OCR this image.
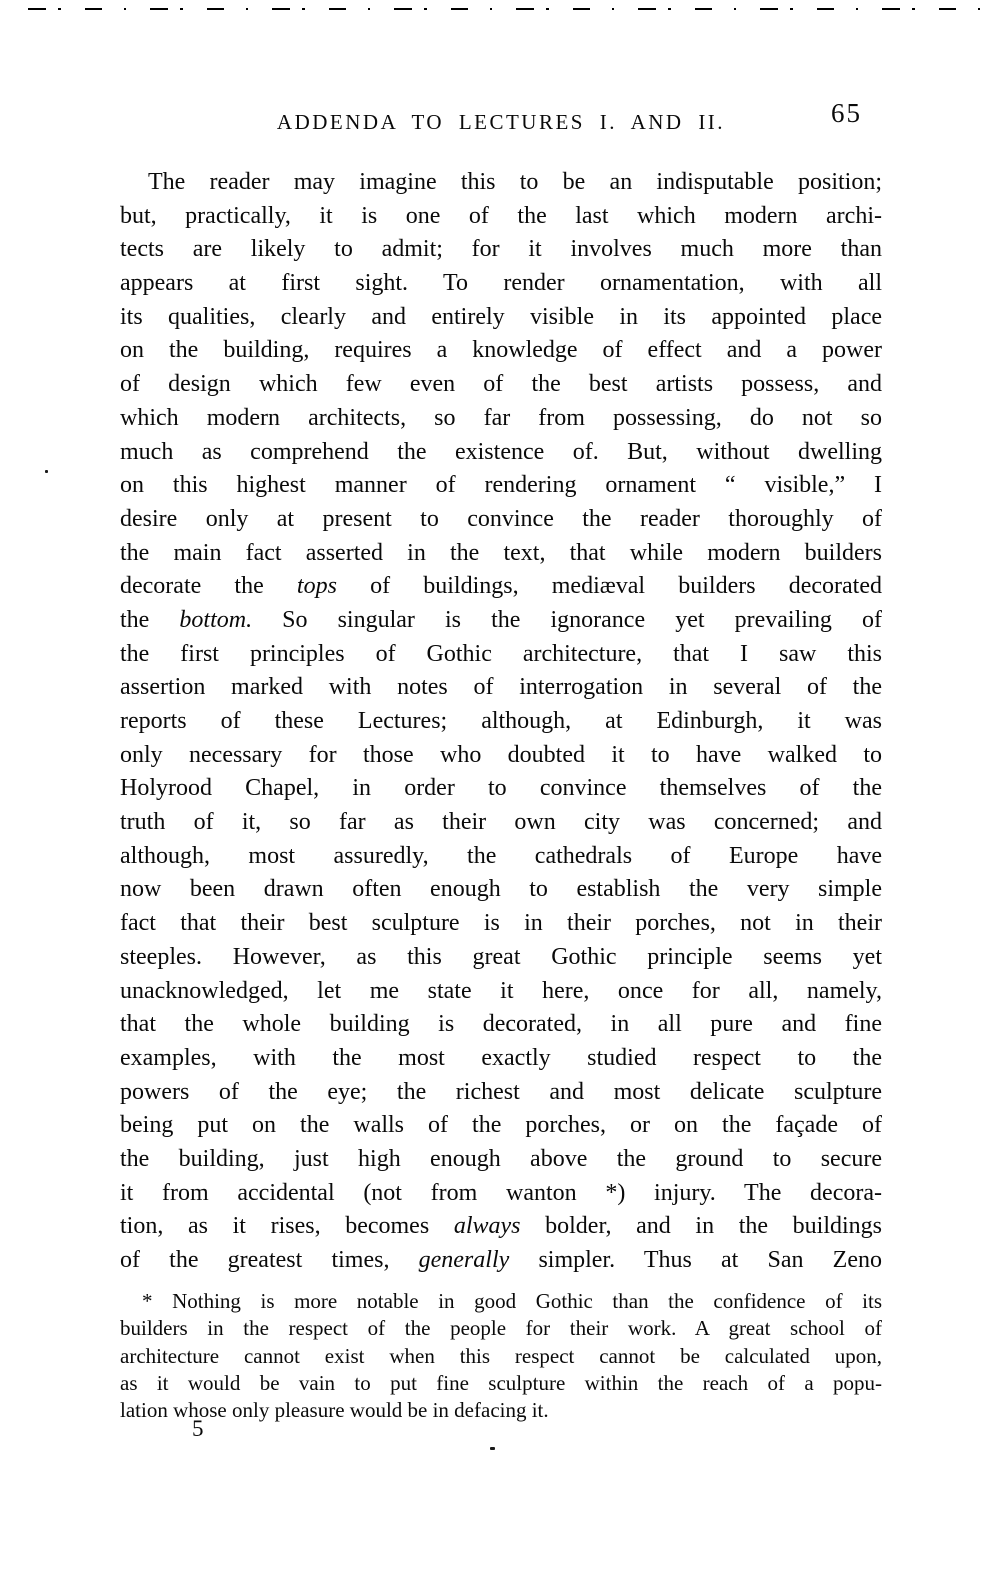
ADDENDA TO LECTURES I. AND II.	65
The reader may imagine this to be an indisputable position;
but, practically, it is one of the last which modern archi-
tects are likely to admit; for it involves much more than
appears at first sight. To render ornamentation, with all
its qualities, clearly and entirely visible in its appointed place
on the building, requires a knowledge of effect and a power
of design which few even of the best artists possess, and
which modern architects, so far from possessing, do not so
much as comprehend the existence of. But, without dwelling
on this highest manner of rendering ornament “ visible,” I
desire only at present to convince the reader thoroughly of
the main fact asserted in the text, that while modern builders
decorate the tops of buildings, mediæval builders decorated
the bottom. So singular is the ignorance yet prevailing of
the first principles of Gothic architecture, that I saw this
assertion marked with notes of interrogation in several of the
reports of these Lectures; although, at Edinburgh, it was
only necessary for those who doubted it to have walked to
Holyrood Chapel, in order to convince themselves of the
truth of it, so far as their own city was concerned; and
although, most assuredly, the cathedrals of Europe have
now been drawn often enough to establish the very simple
fact that their best sculpture is in their porches, not in their
steeples. However, as this great Gothic principle seems yet
unacknowledged, let me state it here, once for all, namely,
that the whole building is decorated, in all pure and fine
examples, with the most exactly studied respect to the
powers of the eye; the richest and most delicate sculpture
being put on the walls of the porches, or on the façade of
the building, just high enough above the ground to secure
it from accidental (not from wanton *) injury. The decora-
tion, as it rises, becomes always bolder, and in the buildings
of the greatest times, generally simpler. Thus at San Zeno
* Nothing is more notable in good Gothic than the confidence of its
builders in the respect of the people for their work. A great school of
architecture cannot exist when this respect cannot be calculated upon,
as it would be vain to put fine sculpture within the reach of a popu-
lation whose only pleasure would be in defacing it.
5
